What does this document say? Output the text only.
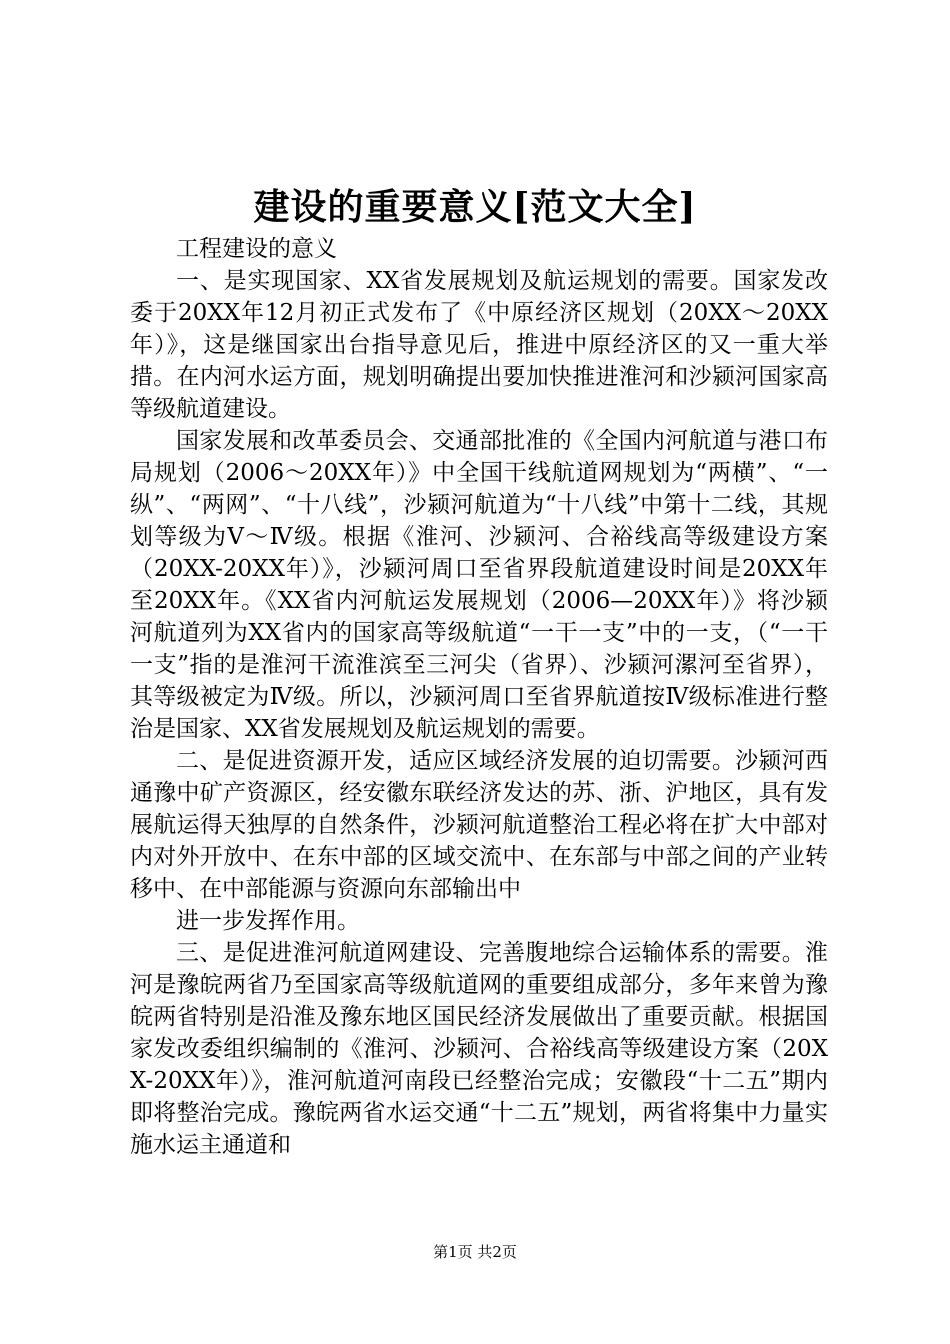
建设的重要意义[范文大全]

工程建设的意义

一、是实现国家、XX省发展规划及航运规划的需要。国家发改委于20XX年12月初正式发布了《中原经济区规划（20XX～20XX年）》，这是继国家出台指导意见后，推进中原经济区的又一重大举措。在内河水运方面，规划明确提出要加快推进淮河和沙颍河国家高等级航道建设。

国家发展和改革委员会、交通部批准的《全国内河航道与港口布局规划（2006～20XX年）》中全国干线航道网规划为“两横”、“一纵”、“两网”、“十八线”，沙颍河航道为“十八线”中第十二线，其规划等级为Ⅴ～Ⅳ级。根据《淮河、沙颍河、合裕线高等级建设方案（20XX-20XX年）》，沙颍河周口至省界段航道建设时间是20XX年至20XX年。《XX省内河航运发展规划（2006—20XX年）》将沙颍河航道列为XX省内的国家高等级航道“一干一支”中的一支，（“一干一支”指的是淮河干流淮滨至三河尖（省界）、沙颍河漯河至省界），其等级被定为Ⅳ级。所以，沙颍河周口至省界航道按Ⅳ级标准进行整治是国家、XX省发展规划及航运规划的需要。

二、是促进资源开发，适应区域经济发展的迫切需要。沙颍河西通豫中矿产资源区，经安徽东联经济发达的苏、浙、沪地区，具有发展航运得天独厚的自然条件，沙颍河航道整治工程必将在扩大中部对内对外开放中、在东中部的区域交流中、在东部与中部之间的产业转移中、在中部能源与资源向东部输出中

进一步发挥作用。

三、是促进淮河航道网建设、完善腹地综合运输体系的需要。淮河是豫皖两省乃至国家高等级航道网的重要组成部分，多年来曾为豫皖两省特别是沿淮及豫东地区国民经济发展做出了重要贡献。根据国家发改委组织编制的《淮河、沙颍河、合裕线高等级建设方案（20XX-20XX年）》，淮河航道河南段已经整治完成；安徽段“十二五”期内即将整治完成。豫皖两省水运交通“十二五”规划，两省将集中力量实施水运主通道和

第1页 共2页
